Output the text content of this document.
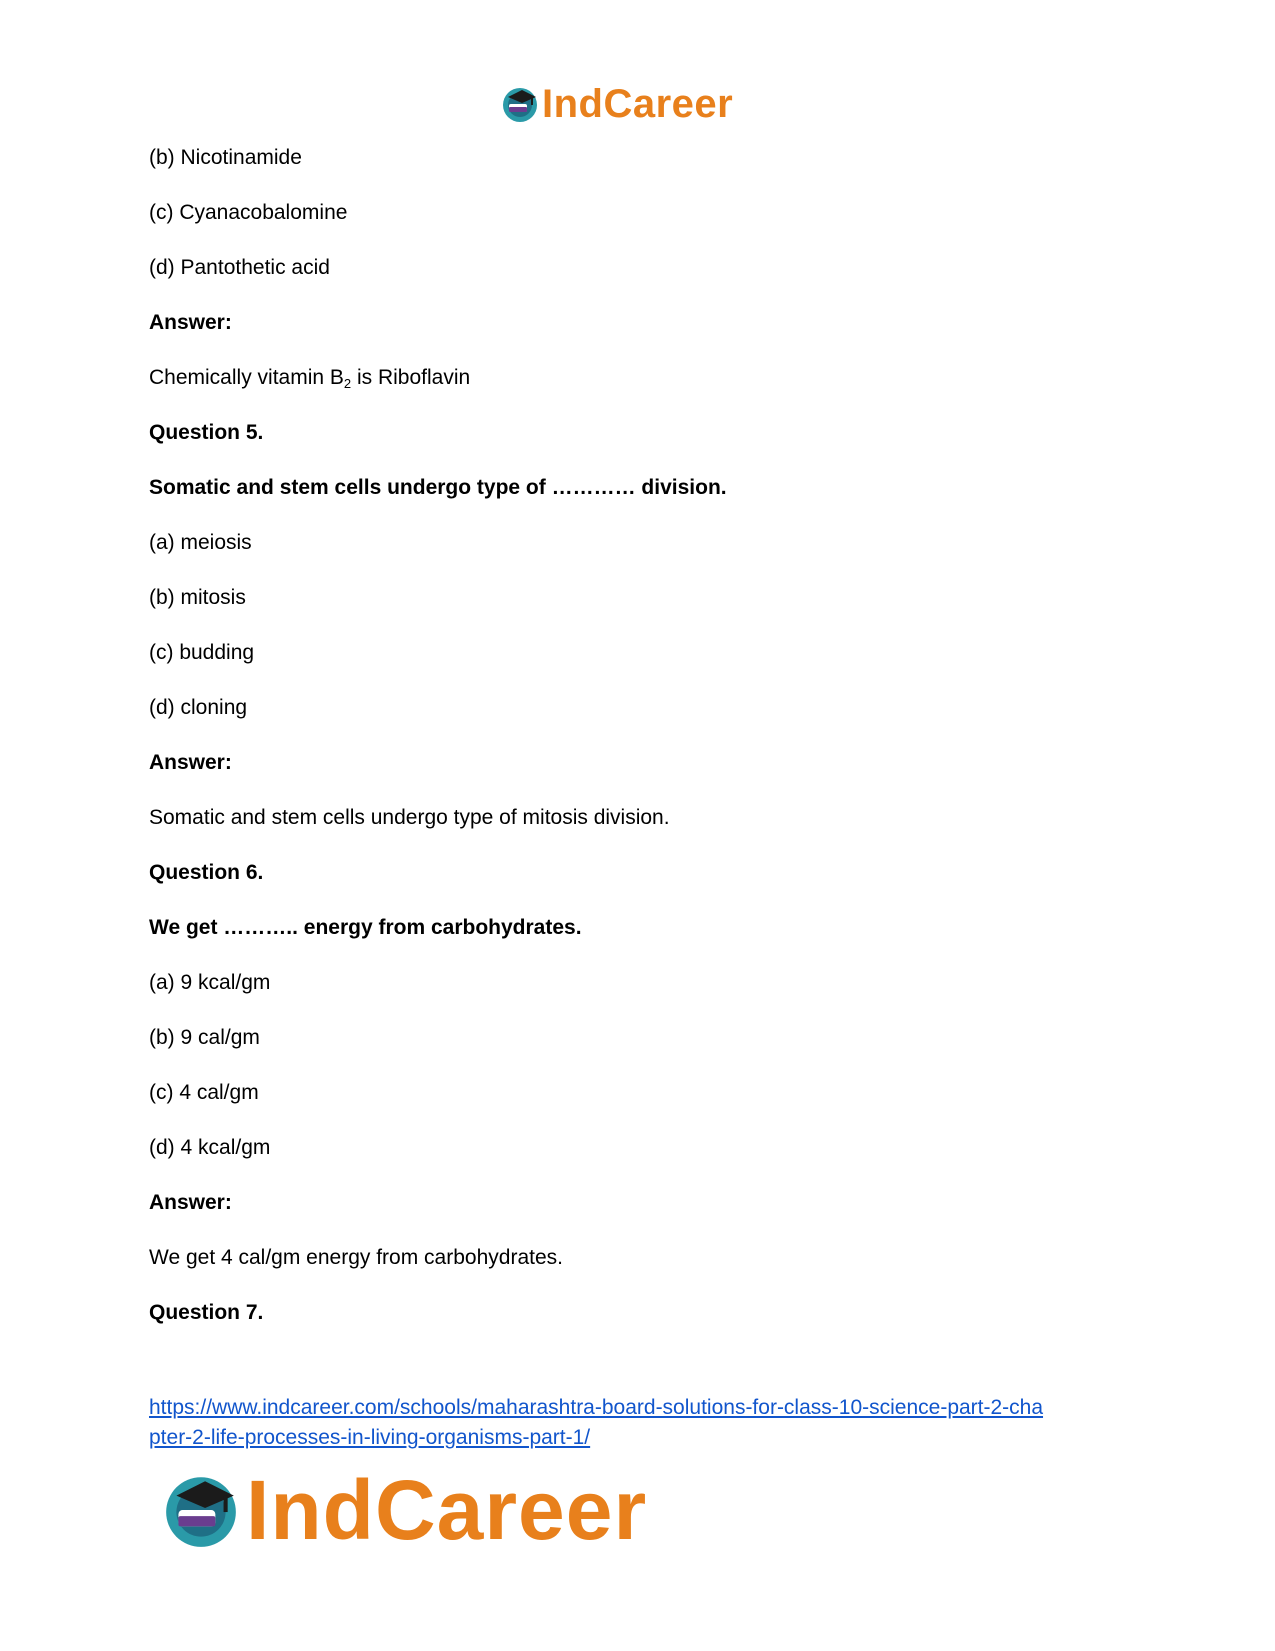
IndCareer
(b) Nicotinamide
(c) Cyanacobalomine
(d) Pantothetic acid
Answer:
Chemically vitamin $B_2$ is Riboflavin
Question 5.
Somatic and stem cells undergo type of ………… division.
(a) meiosis
(b) mitosis
(c) budding
(d) cloning
Answer:
Somatic and stem cells undergo type of mitosis division.
Question 6.
We get ……….. energy from carbohydrates.
(a) 9 kcal/gm
(b) 9 cal/gm
(c) 4 cal/gm
(d) 4 kcal/gm
Answer:
We get 4 cal/gm energy from carbohydrates.
Question 7.
https://www.indcareer.com/schools/maharashtra-board-solutions-for-class-10-science-part-2-cha
pter-2-life-processes-in-living-organisms-part-1/
IndCareer
